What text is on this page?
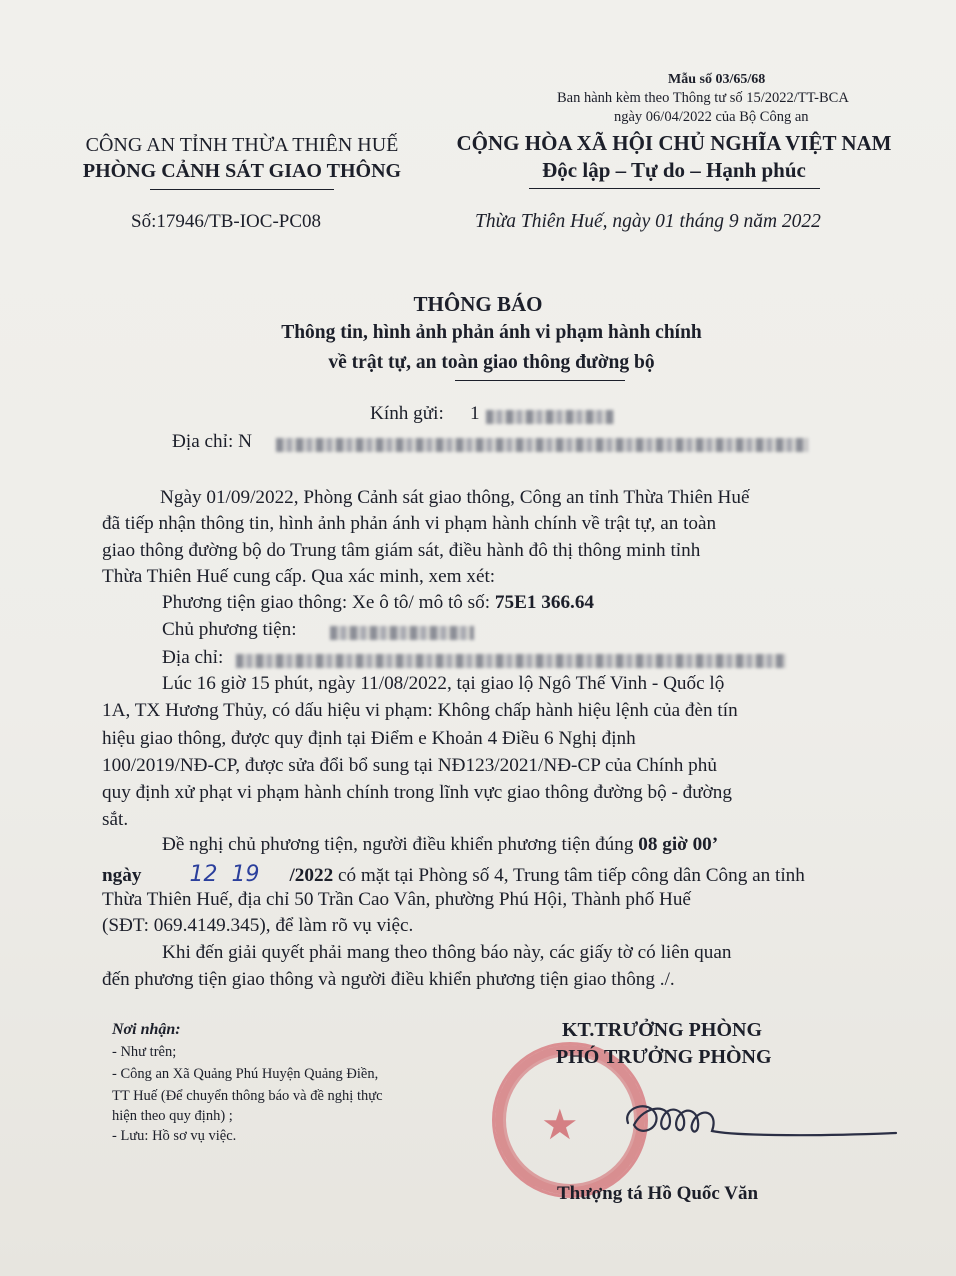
Mẫu số 03/65/68
Ban hành kèm theo Thông tư số 15/2022/TT-BCA
ngày 06/04/2022 của Bộ Công an
CÔNG AN TỈNH THỪA THIÊN HUẾ
PHÒNG CẢNH SÁT GIAO THÔNG
CỘNG HÒA XÃ HỘI CHỦ NGHĨA VIỆT NAM
Độc lập – Tự do – Hạnh phúc
Số:17946/TB-IOC-PC08	Thừa Thiên Huế, ngày 01 tháng 9 năm 2022
THÔNG BÁO
Thông tin, hình ảnh phản ánh vi phạm hành chính
về trật tự, an toàn giao thông đường bộ
Kính gửi: 1
Địa chỉ: N
Ngày 01/09/2022, Phòng Cảnh sát giao thông, Công an tỉnh Thừa Thiên Huế
đã tiếp nhận thông tin, hình ảnh phản ánh vi phạm hành chính về trật tự, an toàn
giao thông đường bộ do Trung tâm giám sát, điều hành đô thị thông minh tỉnh
Thừa Thiên Huế cung cấp. Qua xác minh, xem xét:
Phương tiện giao thông: Xe ô tô/ mô tô số: 75E1 366.64
Chủ phương tiện:
Địa chỉ:
Lúc 16 giờ 15 phút, ngày 11/08/2022, tại giao lộ Ngô Thế Vinh - Quốc lộ
1A, TX Hương Thủy, có dấu hiệu vi phạm: Không chấp hành hiệu lệnh của đèn tín
hiệu giao thông, được quy định tại Điểm e Khoản 4 Điều 6 Nghị định
100/2019/NĐ-CP, được sửa đổi bổ sung tại NĐ123/2021/NĐ-CP của Chính phủ
quy định xử phạt vi phạm hành chính trong lĩnh vực giao thông đường bộ - đường
sắt.
Đề nghị chủ phương tiện, người điều khiển phương tiện đúng 08 giờ 00’
ngày 12 19 /2022 có mặt tại Phòng số 4, Trung tâm tiếp công dân Công an tỉnh
Thừa Thiên Huế, địa chỉ 50 Trần Cao Vân, phường Phú Hội, Thành phố Huế
(SĐT: 069.4149.345), để làm rõ vụ việc.
Khi đến giải quyết phải mang theo thông báo này, các giấy tờ có liên quan
đến phương tiện giao thông và người điều khiển phương tiện giao thông ./.
Nơi nhận:
- Như trên;
- Công an Xã Quảng Phú Huyện Quảng Điền,
TT Huế (Để chuyển thông báo và đề nghị thực
hiện theo quy định) ;
- Lưu: Hồ sơ vụ việc.	★
KT.TRƯỞNG PHÒNG
PHÓ TRƯỞNG PHÒNG
Thượng tá Hồ Quốc Văn
